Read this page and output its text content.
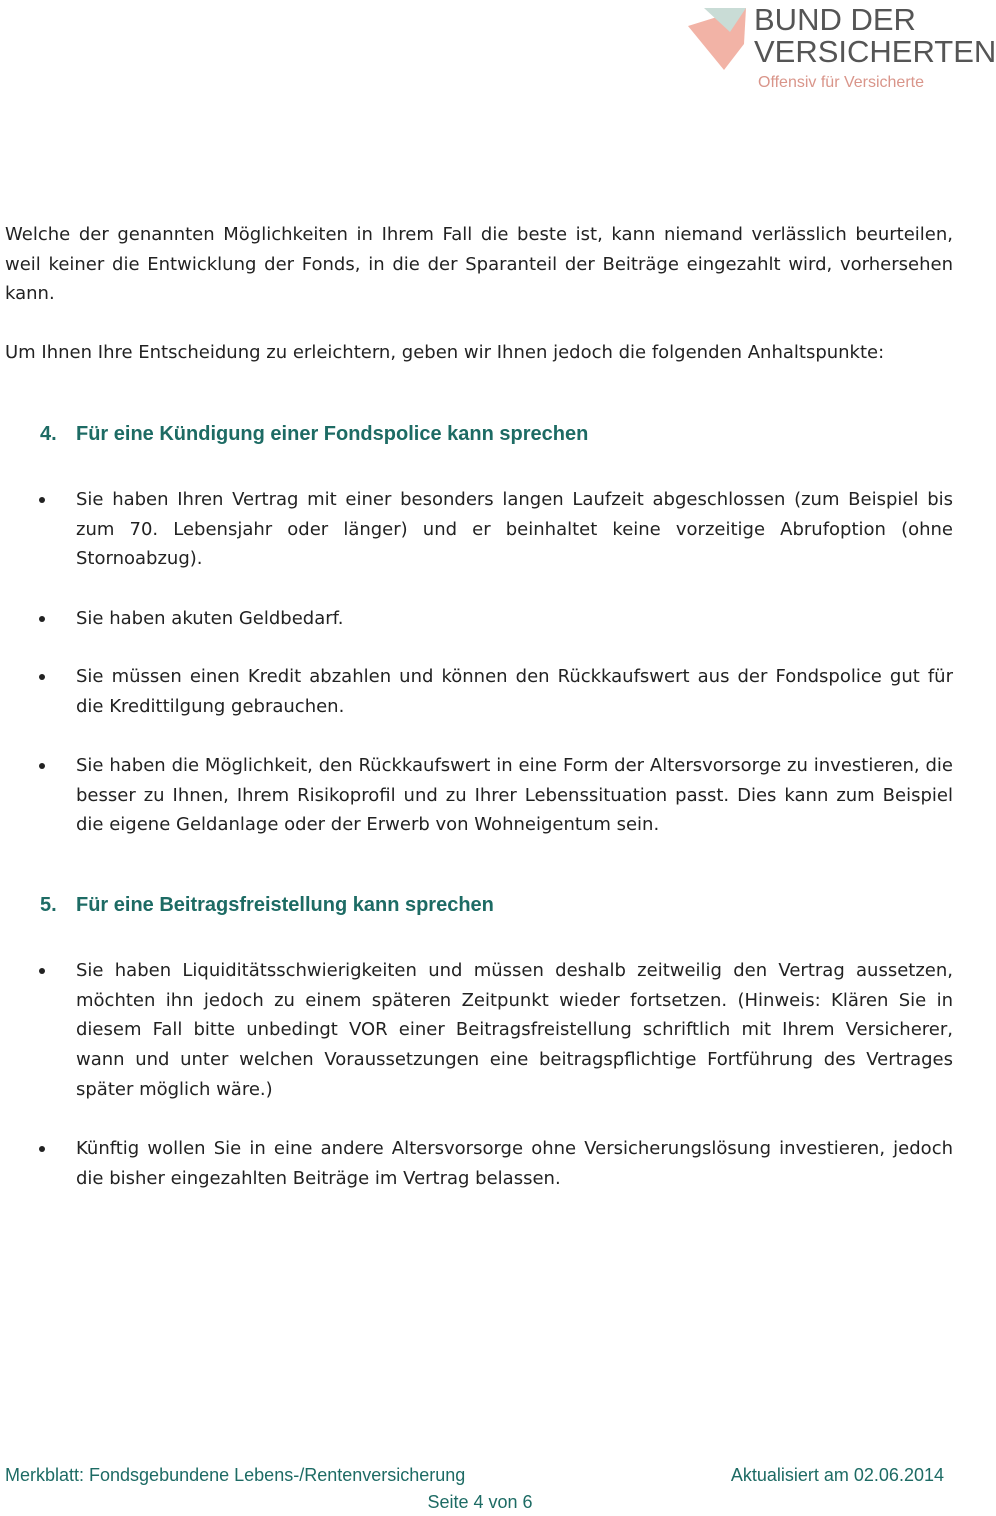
BUND DER
VERSICHERTEN
Offensiv für Versicherte
Welche der genannten Möglichkeiten in Ihrem Fall die beste ist, kann niemand verlässlich beurteilen, weil keiner die Entwicklung der Fonds, in die der Sparanteil der Beiträge eingezahlt wird, vorhersehen kann.
Um Ihnen Ihre Entscheidung zu erleichtern, geben wir Ihnen jedoch die folgenden Anhaltspunkte:
4. Für eine Kündigung einer Fondspolice kann sprechen
Sie haben Ihren Vertrag mit einer besonders langen Laufzeit abgeschlossen (zum Beispiel bis zum 70. Lebensjahr oder länger) und er beinhaltet keine vorzeitige Abrufoption (ohne Stornoabzug).
Sie haben akuten Geldbedarf.
Sie müssen einen Kredit abzahlen und können den Rückkaufswert aus der Fondspolice gut für die Kredittilgung gebrauchen.
Sie haben die Möglichkeit, den Rückkaufswert in eine Form der Altersvorsorge zu investieren, die besser zu Ihnen, Ihrem Risikoprofil und zu Ihrer Lebenssituation passt. Dies kann zum Beispiel die eigene Geldanlage oder der Erwerb von Wohneigentum sein.
5. Für eine Beitragsfreistellung kann sprechen
Sie haben Liquiditätsschwierigkeiten und müssen deshalb zeitweilig den Vertrag aussetzen, möchten ihn jedoch zu einem späteren Zeitpunkt wieder fortsetzen. (Hinweis: Klären Sie in diesem Fall bitte unbedingt VOR einer Beitragsfreistellung schriftlich mit Ihrem Versicherer, wann und unter welchen Voraussetzungen eine beitragspflichtige Fortführung des Vertrages später möglich wäre.)
Künftig wollen Sie in eine andere Altersvorsorge ohne Versicherungslösung investieren, jedoch die bisher eingezahlten Beiträge im Vertrag belassen.
Merkblatt: Fondsgebundene Lebens-/Rentenversicherung	Aktualisiert am 02.06.2014
Seite 4 von 6
